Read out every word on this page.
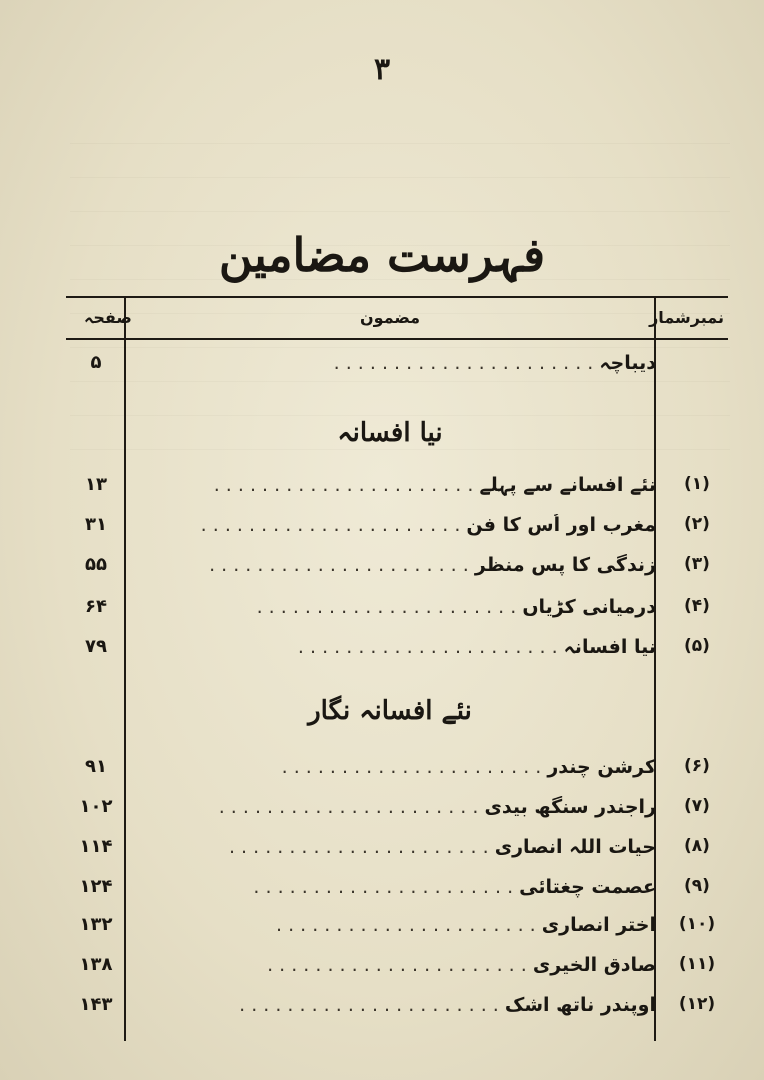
۳
فہرست مضامین
نمبرشمار
مضمون
صفحہ
دیباچہ . . . . . . . . . . . . . . . . . . . . . .
۵
نیا افسانہ
(۱)
نئے افسانے سے پہلے . . . . . . . . . . . . . . . . . . . . . .
۱۳
(۲)
مغرب اور اُس کا فن . . . . . . . . . . . . . . . . . . . . . .
۳۱
(۳)
زندگی کا پس منظر . . . . . . . . . . . . . . . . . . . . . .
۵۵
(۴)
درمیانی کڑیاں . . . . . . . . . . . . . . . . . . . . . .
۶۴
(۵)
نیا افسانہ . . . . . . . . . . . . . . . . . . . . . .
۷۹
نئے افسانہ نگار
(۶)
کرشن چندر . . . . . . . . . . . . . . . . . . . . . .
۹۱
(۷)
راجندر سنگھ بیدی . . . . . . . . . . . . . . . . . . . . . .
۱۰۲
(۸)
حیات اللہ انصاری . . . . . . . . . . . . . . . . . . . . . .
۱۱۴
(۹)
عصمت چغتائی . . . . . . . . . . . . . . . . . . . . . .
۱۲۴
(۱۰)
اختر انصاری . . . . . . . . . . . . . . . . . . . . . .
۱۳۲
(۱۱)
صادق الخیری . . . . . . . . . . . . . . . . . . . . . .
۱۳۸
(۱۲)
اوپندر ناتھ اشک . . . . . . . . . . . . . . . . . . . . . .
۱۴۳
